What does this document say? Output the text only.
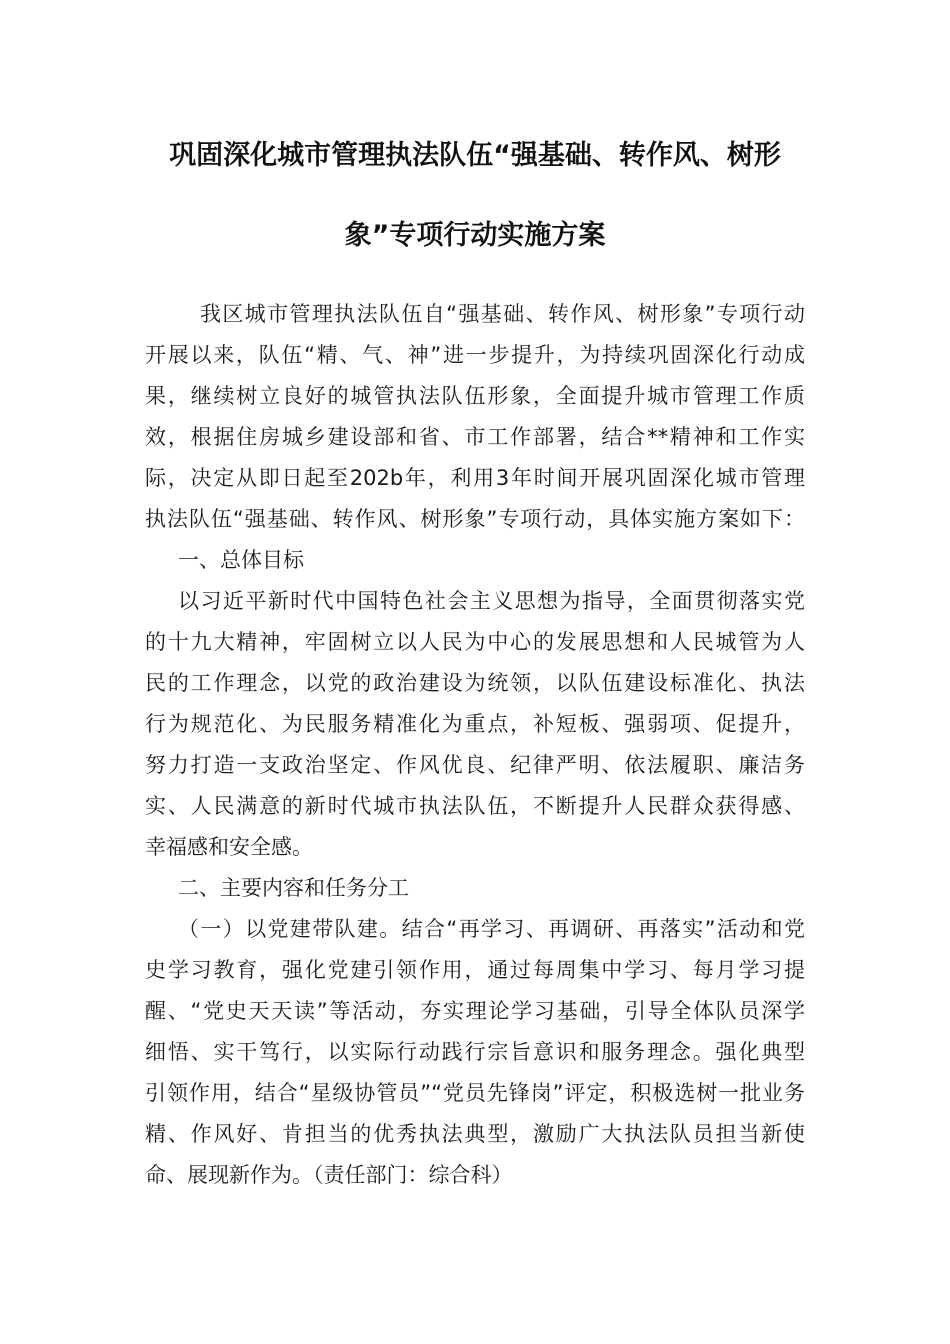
巩固深化城市管理执法队伍“强基础、转作风、树形
象”专项行动实施方案
我区城市管理执法队伍自“强基础、转作风、树形象”专项行动
开展以来，队伍“精、气、神”进一步提升，为持续巩固深化行动成
果，继续树立良好的城管执法队伍形象，全面提升城市管理工作质
效，根据住房城乡建设部和省、市工作部署，结合**精神和工作实
际，决定从即日起至202b年，利用3年时间开展巩固深化城市管理
执法队伍“强基础、转作风、树形象”专项行动，具体实施方案如下：
一、总体目标
以习近平新时代中国特色社会主义思想为指导，全面贯彻落实党
的十九大精神，牢固树立以人民为中心的发展思想和人民城管为人
民的工作理念，以党的政治建设为统领，以队伍建设标准化、执法
行为规范化、为民服务精准化为重点，补短板、强弱项、促提升，
努力打造一支政治坚定、作风优良、纪律严明、依法履职、廉洁务
实、人民满意的新时代城市执法队伍，不断提升人民群众获得感、
幸福感和安全感。
二、主要内容和任务分工
（一）以党建带队建。结合“再学习、再调研、再落实”活动和党
史学习教育，强化党建引领作用，通过每周集中学习、每月学习提
醒、“党史天天读”等活动，夯实理论学习基础，引导全体队员深学
细悟、实干笃行，以实际行动践行宗旨意识和服务理念。强化典型
引领作用，结合“星级协管员”“党员先锋岗”评定，积极选树一批业务
精、作风好、肯担当的优秀执法典型，激励广大执法队员担当新使
命、展现新作为。（责任部门：综合科）
